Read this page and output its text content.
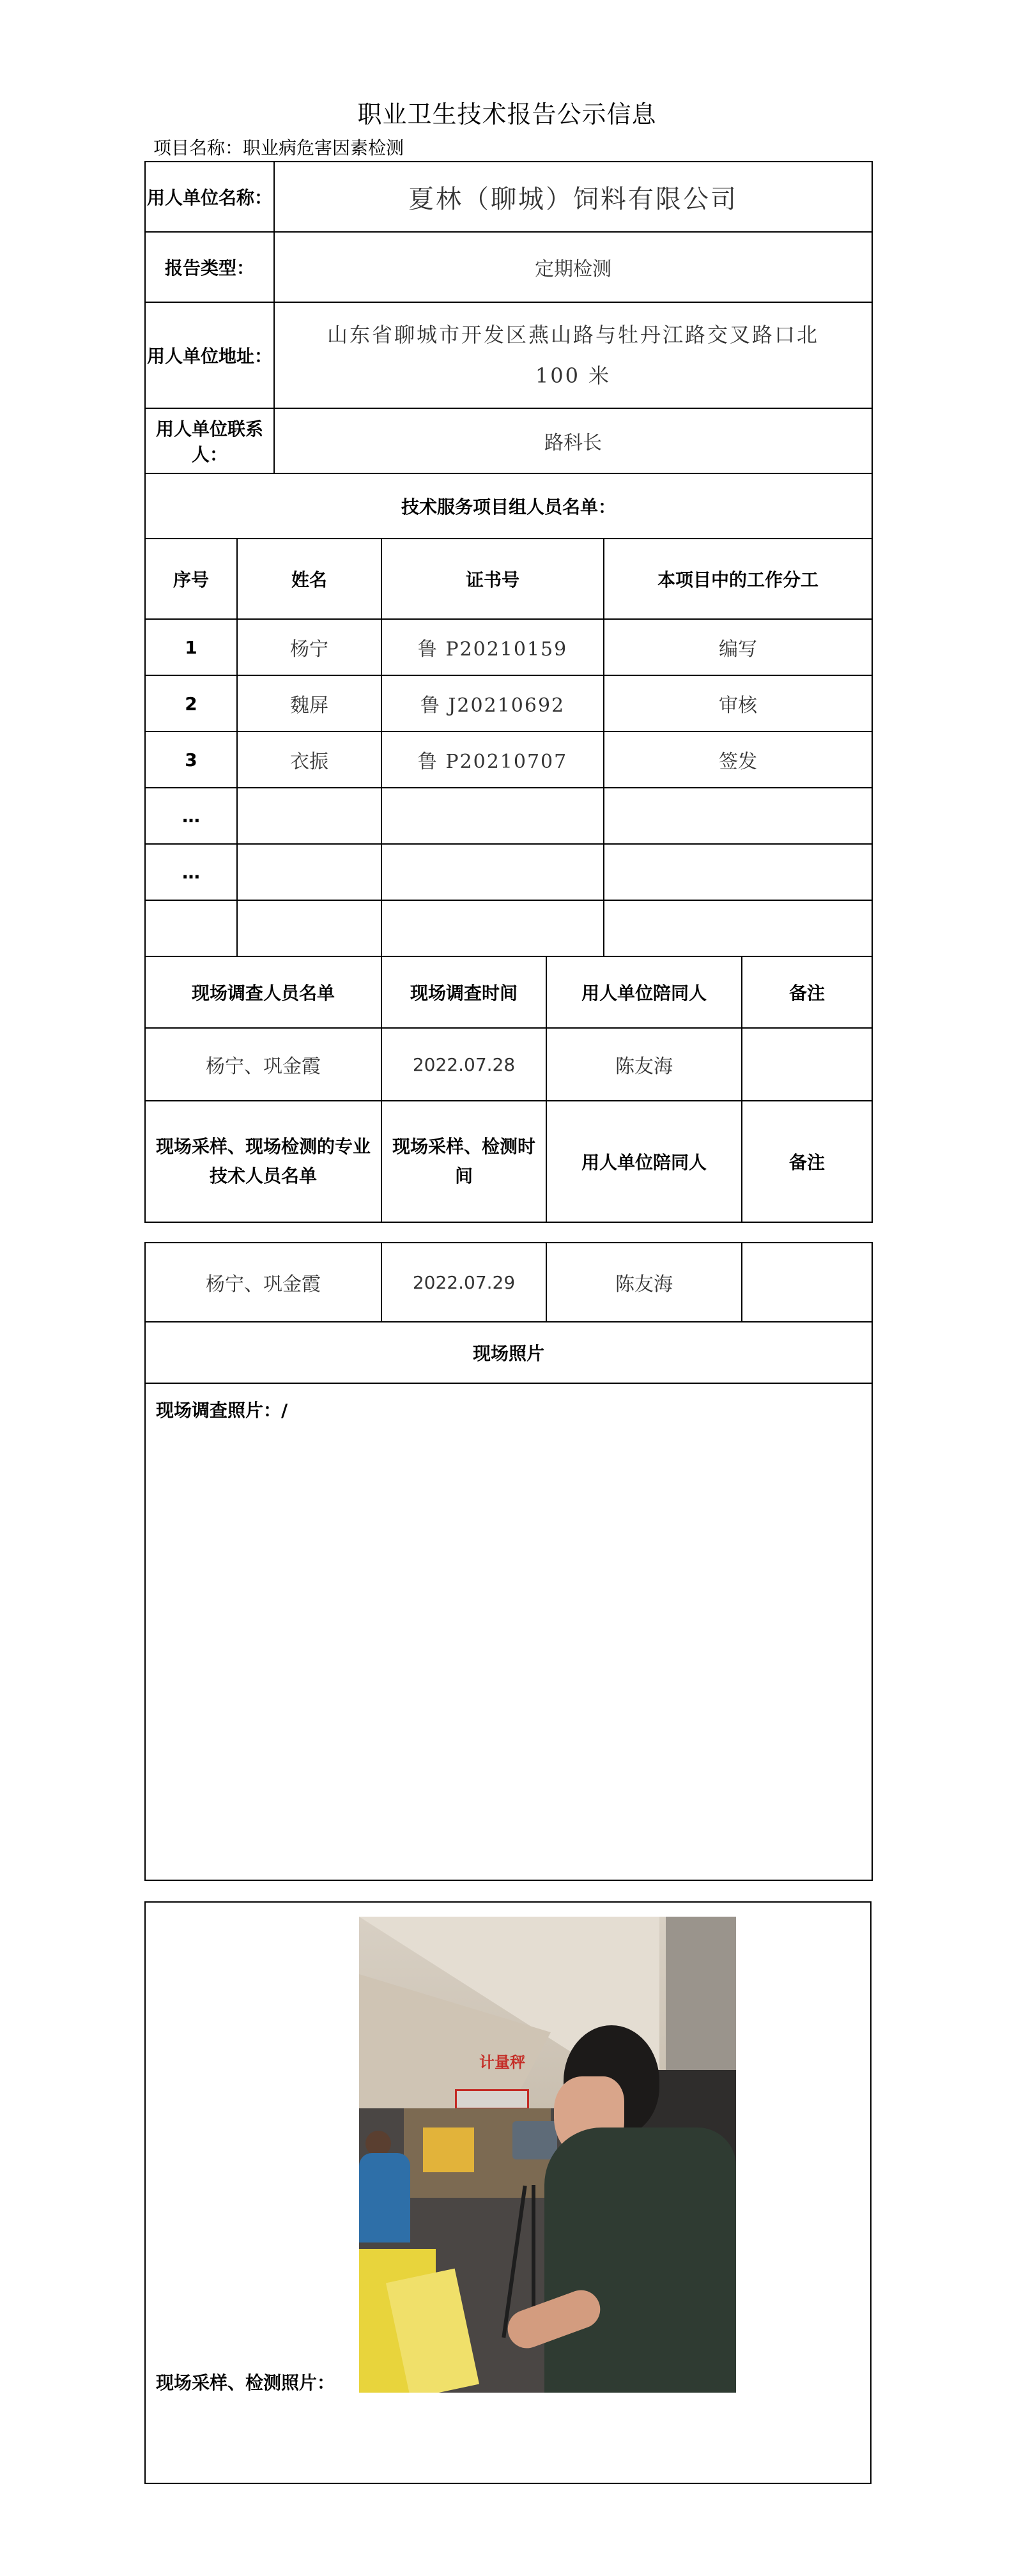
职业卫生技术报告公示信息
项目名称：职业病危害因素检测
用人单位名称：		夏林（聊城）饲料有限公司				
报告类型：		定期检测				
用人单位地址：		山东省聊城市开发区燕山路与牡丹江路交叉路口北
100 米				

用人单位联系人：		路科长				
技术服务项目组人员名单：						
序号	姓名		证书号		本项目中的工作分工	
1	杨宁		鲁 P20210159		编写	
2	魏屏		鲁 J20210692		审核	
3	衣振		鲁 P20210707		签发	
…						
…						

现场调查人员名单			现场调查时间	用人单位陪同人		备注
杨宁、巩金霞			2022.07.28	陈友海		
现场采样、现场检测的专业技术人员名单			现场采样、检测时间	用人单位陪同人		备注
杨宁、巩金霞	2022.07.29	陈友海	
现场照片
现场调查照片：/
现场采样、检测照片：
计量秤
